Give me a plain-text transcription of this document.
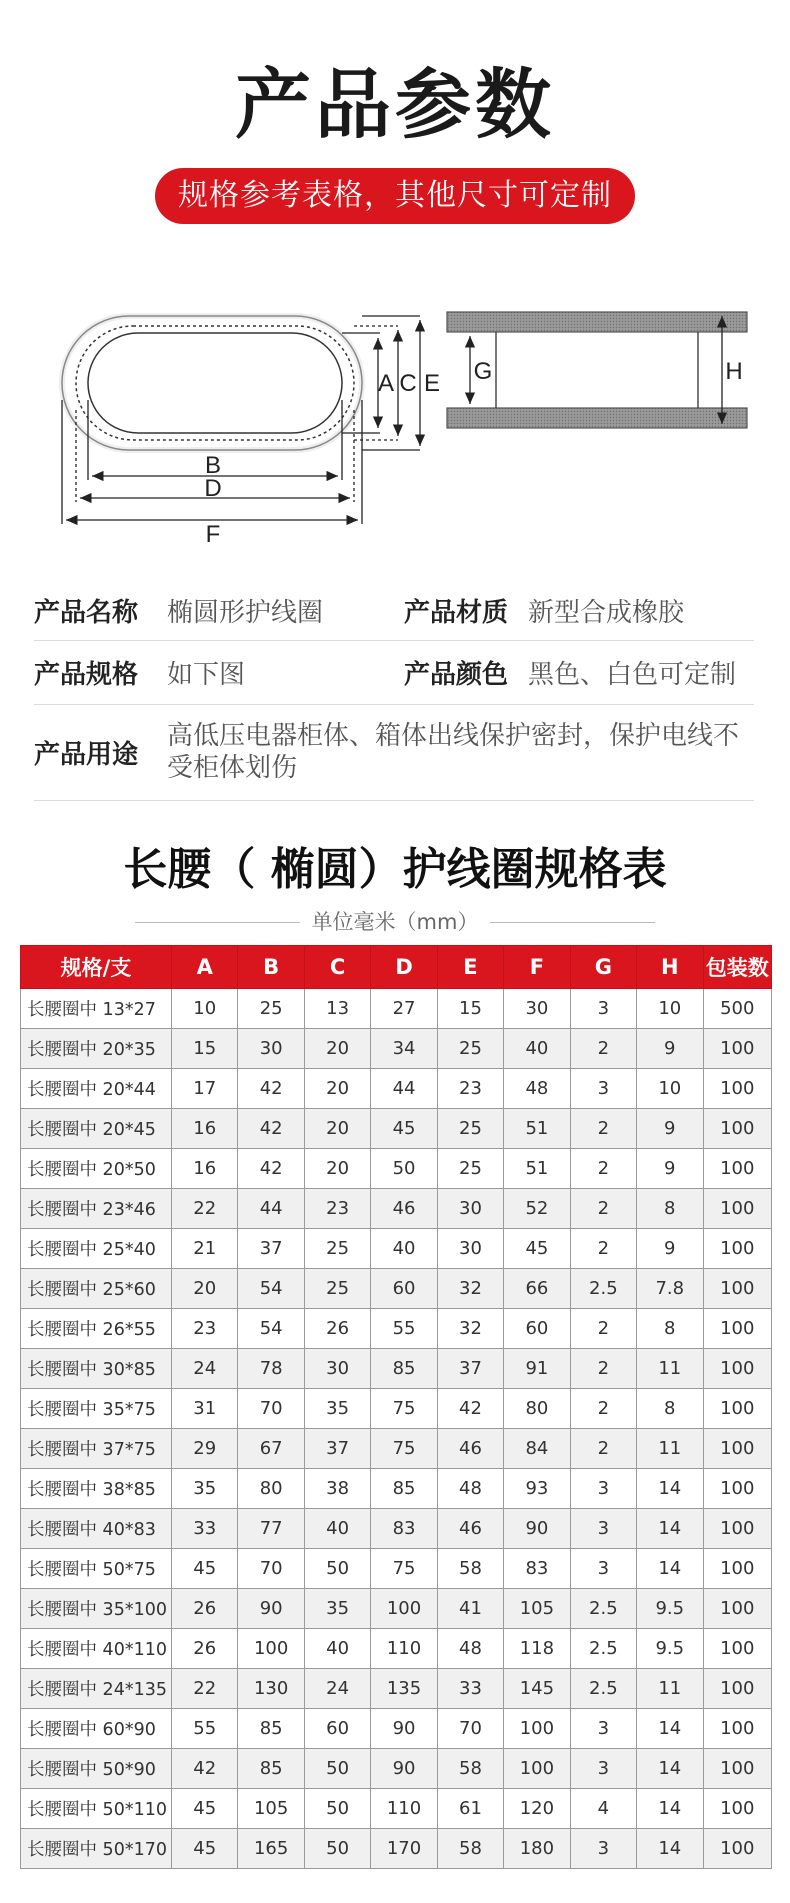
产品参数
规格参考表格，其他尺寸可定制
A C E G	H
B
D
F
产品名称 椭圆形护线圈	产品材质 新型合成橡胶
产品规格 如下图	产品颜色 黑色、白色可定制
产品用途
高低压电器柜体、箱体出线保护密封，保护电线不受柜体划伤
长腰（ 椭圆）护线圈规格表
单位毫米（mm）
规格/支	A	B	C	D	E	F	G	H	包装数
长腰圈中 13*27	10	25	13	27	15	30	3	10	500
长腰圈中 20*35	15	30	20	34	25	40	2	9	100
长腰圈中 20*44	17	42	20	44	23	48	3	10	100
长腰圈中 20*45	16	42	20	45	25	51	2	9	100
长腰圈中 20*50	16	42	20	50	25	51	2	9	100
长腰圈中 23*46	22	44	23	46	30	52	2	8	100
长腰圈中 25*40	21	37	25	40	30	45	2	9	100
长腰圈中 25*60	20	54	25	60	32	66	2.5	7.8	100
长腰圈中 26*55	23	54	26	55	32	60	2	8	100
长腰圈中 30*85	24	78	30	85	37	91	2	11	100
长腰圈中 35*75	31	70	35	75	42	80	2	8	100
长腰圈中 37*75	29	67	37	75	46	84	2	11	100
长腰圈中 38*85	35	80	38	85	48	93	3	14	100
长腰圈中 40*83	33	77	40	83	46	90	3	14	100
长腰圈中 50*75	45	70	50	75	58	83	3	14	100
长腰圈中 35*100	26	90	35	100	41	105	2.5	9.5	100
长腰圈中 40*110	26	100	40	110	48	118	2.5	9.5	100
长腰圈中 24*135	22	130	24	135	33	145	2.5	11	100
长腰圈中 60*90	55	85	60	90	70	100	3	14	100
长腰圈中 50*90	42	85	50	90	58	100	3	14	100
长腰圈中 50*110	45	105	50	110	61	120	4	14	100
长腰圈中 50*170	45	165	50	170	58	180	3	14	100
